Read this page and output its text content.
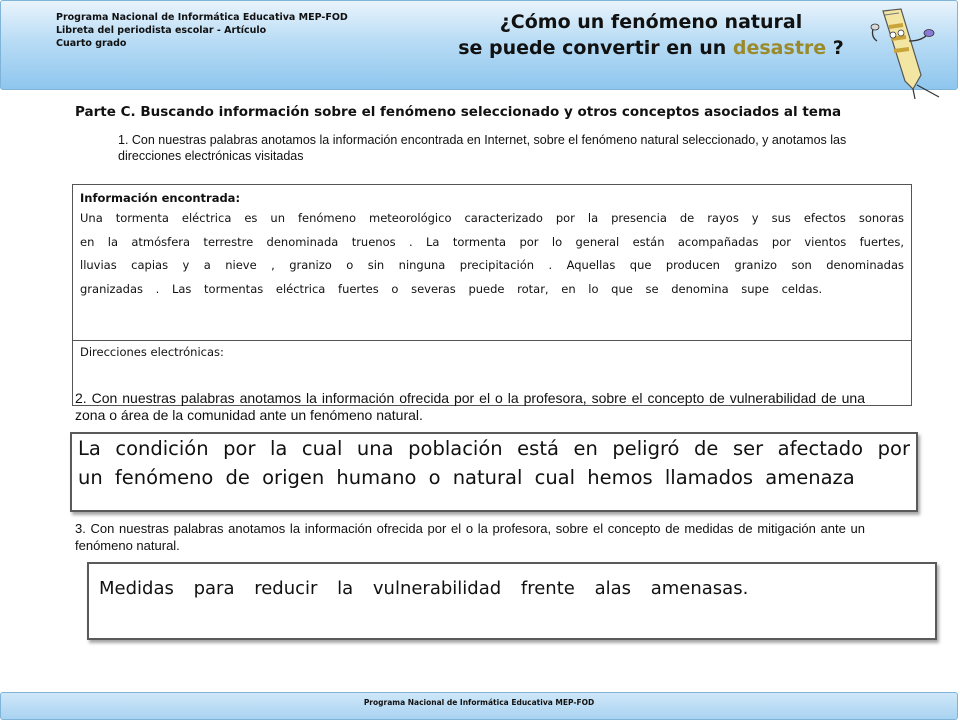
Programa Nacional de Informática Educativa MEP-FOD
Libreta del periodista escolar - Artículo
Cuarto grado
¿Cómo un fenómeno natural
se puede convertir en un desastre ?
Parte C. Buscando información sobre el fenómeno seleccionado y otros conceptos asociados al tema
1. Con nuestras palabras anotamos la información encontrada en Internet, sobre el fenómeno natural seleccionado, y anotamos las direcciones electrónicas visitadas
Información encontrada:
Una tormenta eléctrica es un fenómeno meteorológico caracterizado por la presencia de rayos y sus efectos sonoras en la atmósfera terrestre denominada truenos . La tormenta por lo general están acompañadas por vientos fuertes, lluvias capias y a nieve , granizo o sin ninguna precipitación . Aquellas que producen granizo son denominadas granizadas . Las tormentas eléctrica fuertes o severas puede rotar, en lo que se denomina supe celdas.
Direcciones electrónicas:
2. Con nuestras palabras anotamos la información ofrecida por el o la profesora, sobre el concepto de vulnerabilidad de una zona o área de la comunidad ante un fenómeno natural.
La condición por la cual una población está en peligró de ser afectado por un fenómeno de origen humano o natural cual hemos llamados amenaza
3. Con nuestras palabras anotamos la información ofrecida por el o la profesora, sobre el concepto de medidas de mitigación ante un fenómeno natural.
Medidas para reducir la vulnerabilidad frente alas amenasas.
Programa Nacional de Informática Educativa MEP-FOD
